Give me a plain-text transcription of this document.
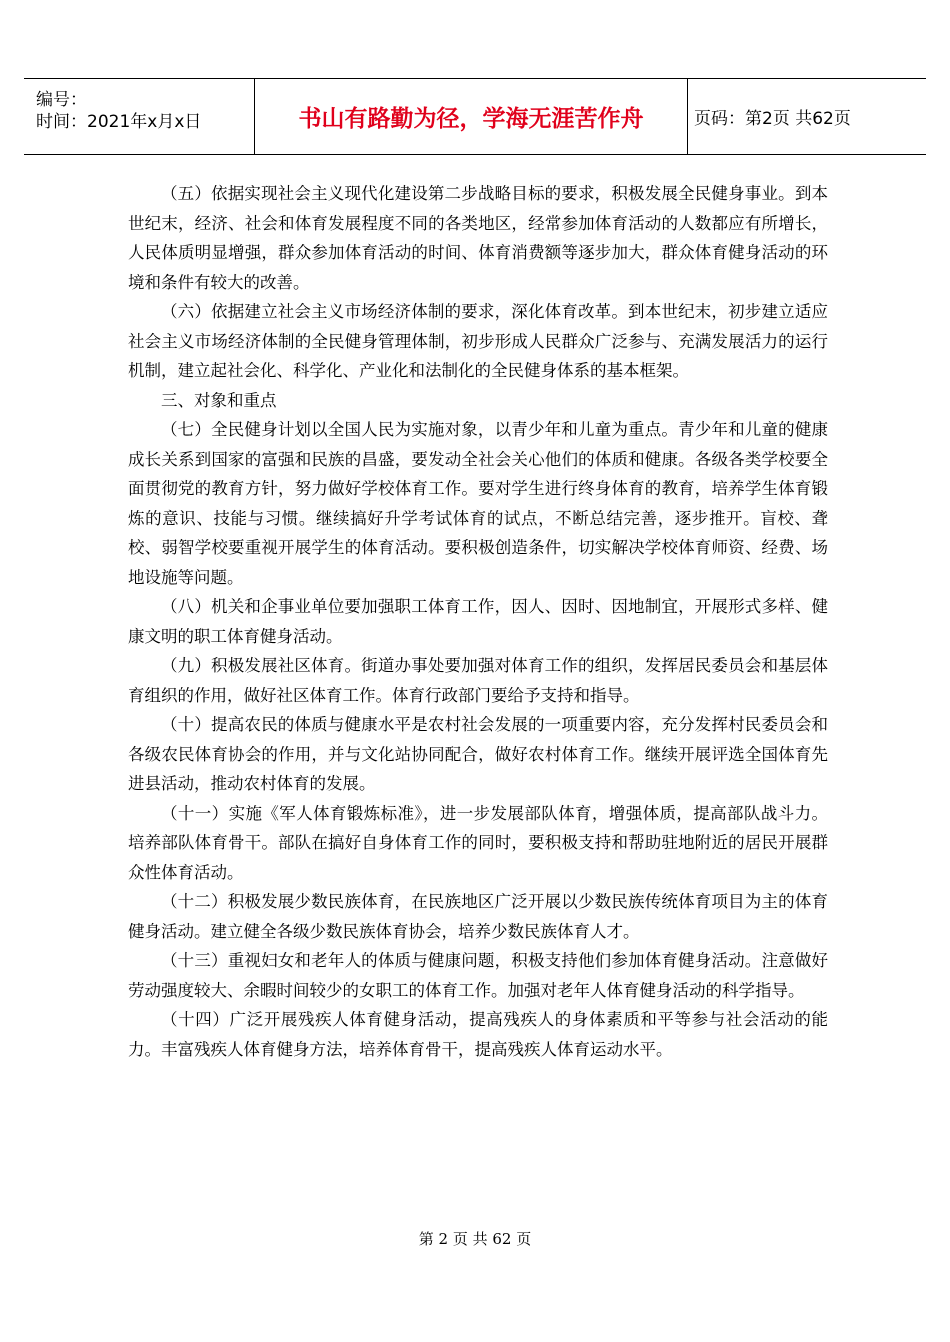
编号：
时间：2021年x月x日	书山有路勤为径，学海无涯苦作舟	页码：第2页 共62页

（五）依据实现社会主义现代化建设第二步战略目标的要求，积极发展全民健身事业。到本世纪末，经济、社会和体育发展程度不同的各类地区，经常参加体育活动的人数都应有所增长，人民体质明显增强，群众参加体育活动的时间、体育消费额等逐步加大，群众体育健身活动的环境和条件有较大的改善。

（六）依据建立社会主义市场经济体制的要求，深化体育改革。到本世纪末，初步建立适应社会主义市场经济体制的全民健身管理体制，初步形成人民群众广泛参与、充满发展活力的运行机制，建立起社会化、科学化、产业化和法制化的全民健身体系的基本框架。

三、对象和重点

（七）全民健身计划以全国人民为实施对象，以青少年和儿童为重点。青少年和儿童的健康成长关系到国家的富强和民族的昌盛，要发动全社会关心他们的体质和健康。各级各类学校要全面贯彻党的教育方针，努力做好学校体育工作。要对学生进行终身体育的教育，培养学生体育锻炼的意识、技能与习惯。继续搞好升学考试体育的试点，不断总结完善，逐步推开。盲校、聋校、弱智学校要重视开展学生的体育活动。要积极创造条件，切实解决学校体育师资、经费、场地设施等问题。

（八）机关和企事业单位要加强职工体育工作，因人、因时、因地制宜，开展形式多样、健康文明的职工体育健身活动。

（九）积极发展社区体育。街道办事处要加强对体育工作的组织，发挥居民委员会和基层体育组织的作用，做好社区体育工作。体育行政部门要给予支持和指导。

（十）提高农民的体质与健康水平是农村社会发展的一项重要内容，充分发挥村民委员会和各级农民体育协会的作用，并与文化站协同配合，做好农村体育工作。继续开展评选全国体育先进县活动，推动农村体育的发展。

（十一）实施《军人体育锻炼标准》，进一步发展部队体育，增强体质，提高部队战斗力。培养部队体育骨干。部队在搞好自身体育工作的同时，要积极支持和帮助驻地附近的居民开展群众性体育活动。

（十二）积极发展少数民族体育，在民族地区广泛开展以少数民族传统体育项目为主的体育健身活动。建立健全各级少数民族体育协会，培养少数民族体育人才。

（十三）重视妇女和老年人的体质与健康问题，积极支持他们参加体育健身活动。注意做好劳动强度较大、余暇时间较少的女职工的体育工作。加强对老年人体育健身活动的科学指导。

（十四）广泛开展残疾人体育健身活动，提高残疾人的身体素质和平等参与社会活动的能力。丰富残疾人体育健身方法，培养体育骨干，提高残疾人体育运动水平。

第 2 页 共 62 页
